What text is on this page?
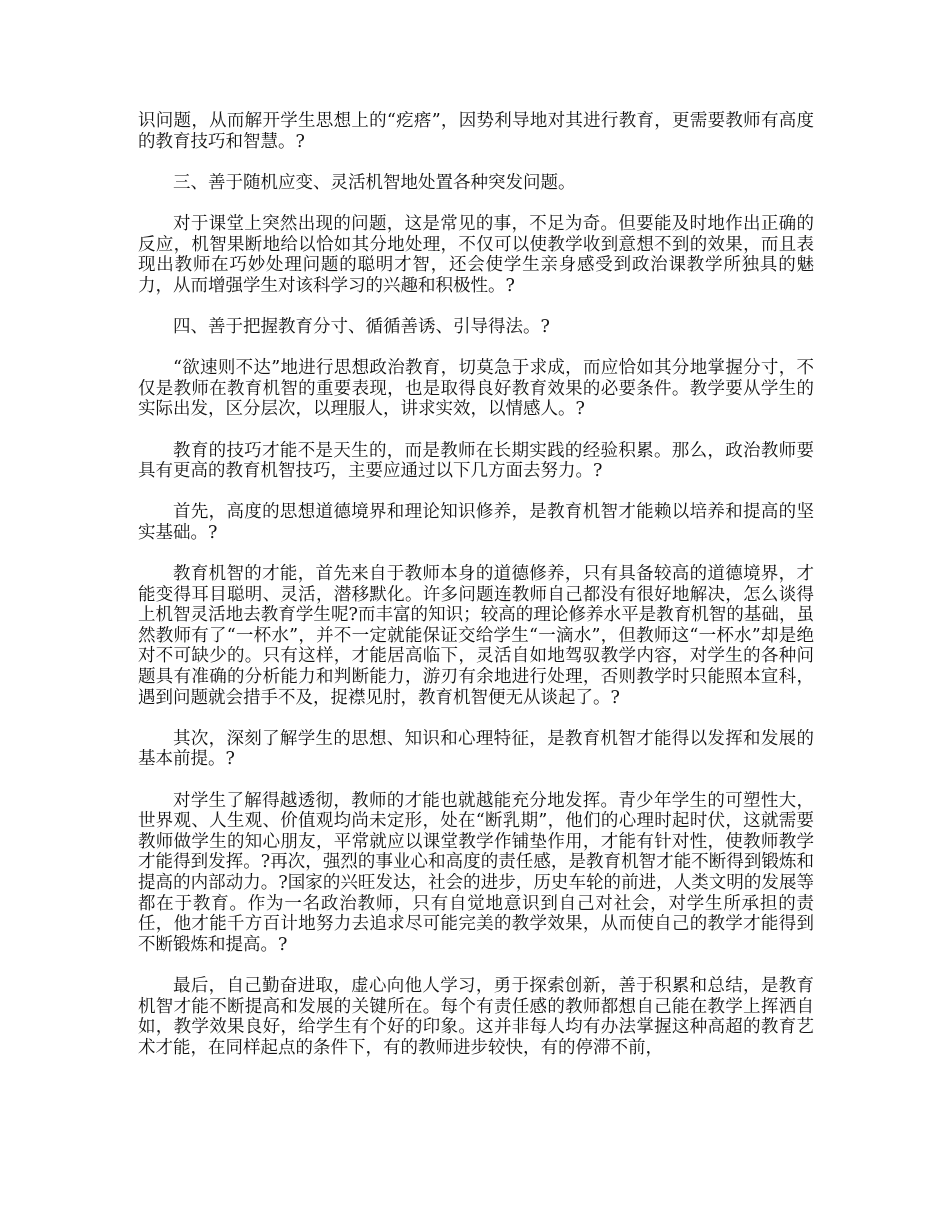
识问题，从而解开学生思想上的“疙瘩”，因势利导地对其进行教育，更需要教师有高度的教育技巧和智慧。?

三、善于随机应变、灵活机智地处置各种突发问题。

对于课堂上突然出现的问题，这是常见的事，不足为奇。但要能及时地作出正确的反应，机智果断地给以恰如其分地处理，不仅可以使教学收到意想不到的效果，而且表现出教师在巧妙处理问题的聪明才智，还会使学生亲身感受到政治课教学所独具的魅力，从而增强学生对该科学习的兴趣和积极性。?

四、善于把握教育分寸、循循善诱、引导得法。?

“欲速则不达”地进行思想政治教育，切莫急于求成，而应恰如其分地掌握分寸，不仅是教师在教育机智的重要表现，也是取得良好教育效果的必要条件。教学要从学生的实际出发，区分层次，以理服人，讲求实效，以情感人。?

教育的技巧才能不是天生的，而是教师在长期实践的经验积累。那么，政治教师要具有更高的教育机智技巧，主要应通过以下几方面去努力。?

首先，高度的思想道德境界和理论知识修养，是教育机智才能赖以培养和提高的坚实基础。?

教育机智的才能，首先来自于教师本身的道德修养，只有具备较高的道德境界，才能变得耳目聪明、灵活，潜移默化。许多问题连教师自己都没有很好地解决，怎么谈得上机智灵活地去教育学生呢?而丰富的知识；较高的理论修养水平是教育机智的基础，虽然教师有了“一杯水”，并不一定就能保证交给学生“一滴水”，但教师这“一杯水”却是绝对不可缺少的。只有这样，才能居高临下，灵活自如地驾驭教学内容，对学生的各种问题具有准确的分析能力和判断能力，游刃有余地进行处理，否则教学时只能照本宣科，遇到问题就会措手不及，捉襟见肘，教育机智便无从谈起了。?

其次，深刻了解学生的思想、知识和心理特征，是教育机智才能得以发挥和发展的基本前提。?

对学生了解得越透彻，教师的才能也就越能充分地发挥。青少年学生的可塑性大，世界观、人生观、价值观均尚未定形，处在“断乳期”，他们的心理时起时伏，这就需要教师做学生的知心朋友，平常就应以课堂教学作铺垫作用，才能有针对性，使教师教学才能得到发挥。?再次，强烈的事业心和高度的责任感，是教育机智才能不断得到锻炼和提高的内部动力。?国家的兴旺发达，社会的进步，历史车轮的前进，人类文明的发展等都在于教育。作为一名政治教师，只有自觉地意识到自己对社会，对学生所承担的责任，他才能千方百计地努力去追求尽可能完美的教学效果，从而使自己的教学才能得到不断锻炼和提高。?

最后，自己勤奋进取，虚心向他人学习，勇于探索创新，善于积累和总结，是教育机智才能不断提高和发展的关键所在。每个有责任感的教师都想自己能在教学上挥洒自如，教学效果良好，给学生有个好的印象。这并非每人均有办法掌握这种高超的教育艺术才能，在同样起点的条件下，有的教师进步较快，有的停滞不前，
